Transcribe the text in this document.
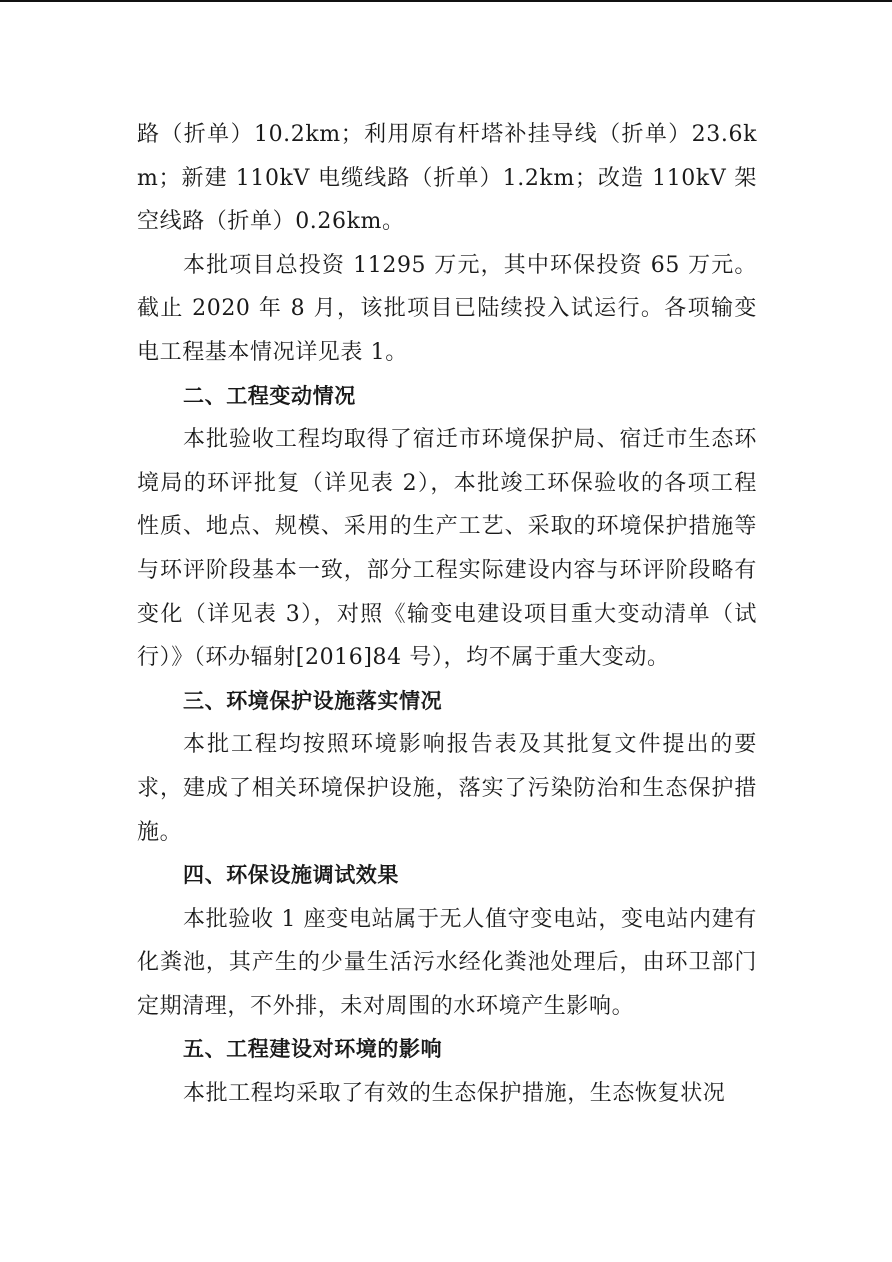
路（折单）10.2km；利用原有杆塔补挂导线（折单）23.6km；新建 110kV 电缆线路（折单）1.2km；改造 110kV 架空线路（折单）0.26km。

本批项目总投资 11295 万元，其中环保投资 65 万元。截止 2020 年 8 月，该批项目已陆续投入试运行。各项输变电工程基本情况详见表 1。

二、工程变动情况

本批验收工程均取得了宿迁市环境保护局、宿迁市生态环境局的环评批复（详见表 2），本批竣工环保验收的各项工程性质、地点、规模、采用的生产工艺、采取的环境保护措施等与环评阶段基本一致，部分工程实际建设内容与环评阶段略有变化（详见表 3），对照《输变电建设项目重大变动清单（试行）》（环办辐射[2016]84 号），均不属于重大变动。

三、环境保护设施落实情况

本批工程均按照环境影响报告表及其批复文件提出的要求，建成了相关环境保护设施，落实了污染防治和生态保护措施。

四、环保设施调试效果

本批验收 1 座变电站属于无人值守变电站，变电站内建有化粪池，其产生的少量生活污水经化粪池处理后，由环卫部门定期清理，不外排，未对周围的水环境产生影响。

五、工程建设对环境的影响

本批工程均采取了有效的生态保护措施，生态恢复状况
